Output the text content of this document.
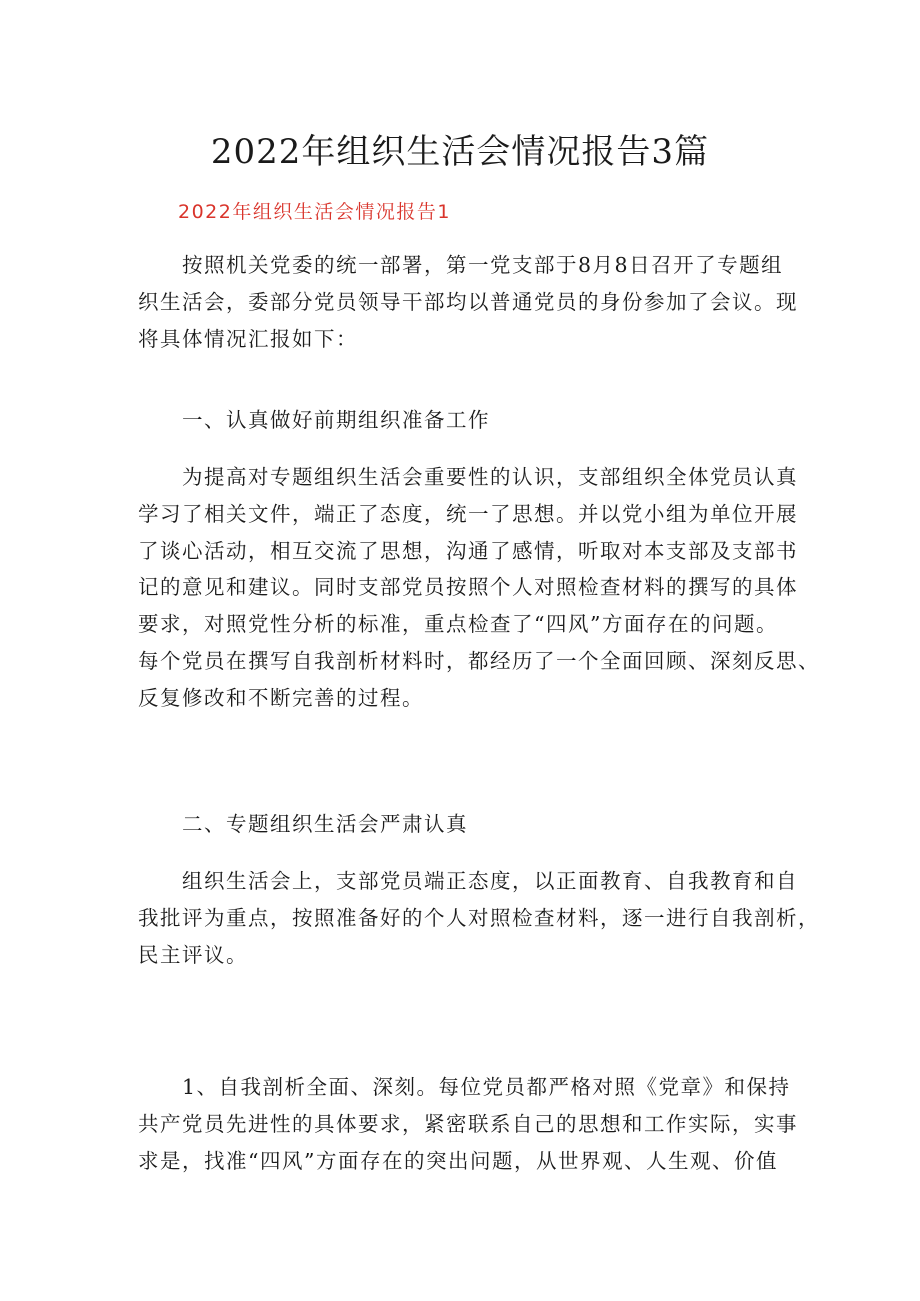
2022年组织生活会情况报告3篇

2022年组织生活会情况报告1

按照机关党委的统一部署，第一党支部于8月8日召开了专题组
织生活会，委部分党员领导干部均以普通党员的身份参加了会议。现
将具体情况汇报如下：

一、认真做好前期组织准备工作

为提高对专题组织生活会重要性的认识，支部组织全体党员认真
学习了相关文件，端正了态度，统一了思想。并以党小组为单位开展
了谈心活动，相互交流了思想，沟通了感情，听取对本支部及支部书
记的意见和建议。同时支部党员按照个人对照检查材料的撰写的具体
要求，对照党性分析的标准，重点检查了“四风”方面存在的问题。
每个党员在撰写自我剖析材料时，都经历了一个全面回顾、深刻反思、
反复修改和不断完善的过程。

二、专题组织生活会严肃认真

组织生活会上，支部党员端正态度，以正面教育、自我教育和自
我批评为重点，按照准备好的个人对照检查材料，逐一进行自我剖析，
民主评议。
1、自我剖析全面、深刻。每位党员都严格对照《党章》和保持
共产党员先进性的具体要求，紧密联系自己的思想和工作实际，实事
求是，找准“四风”方面存在的突出问题，从世界观、人生观、价值
